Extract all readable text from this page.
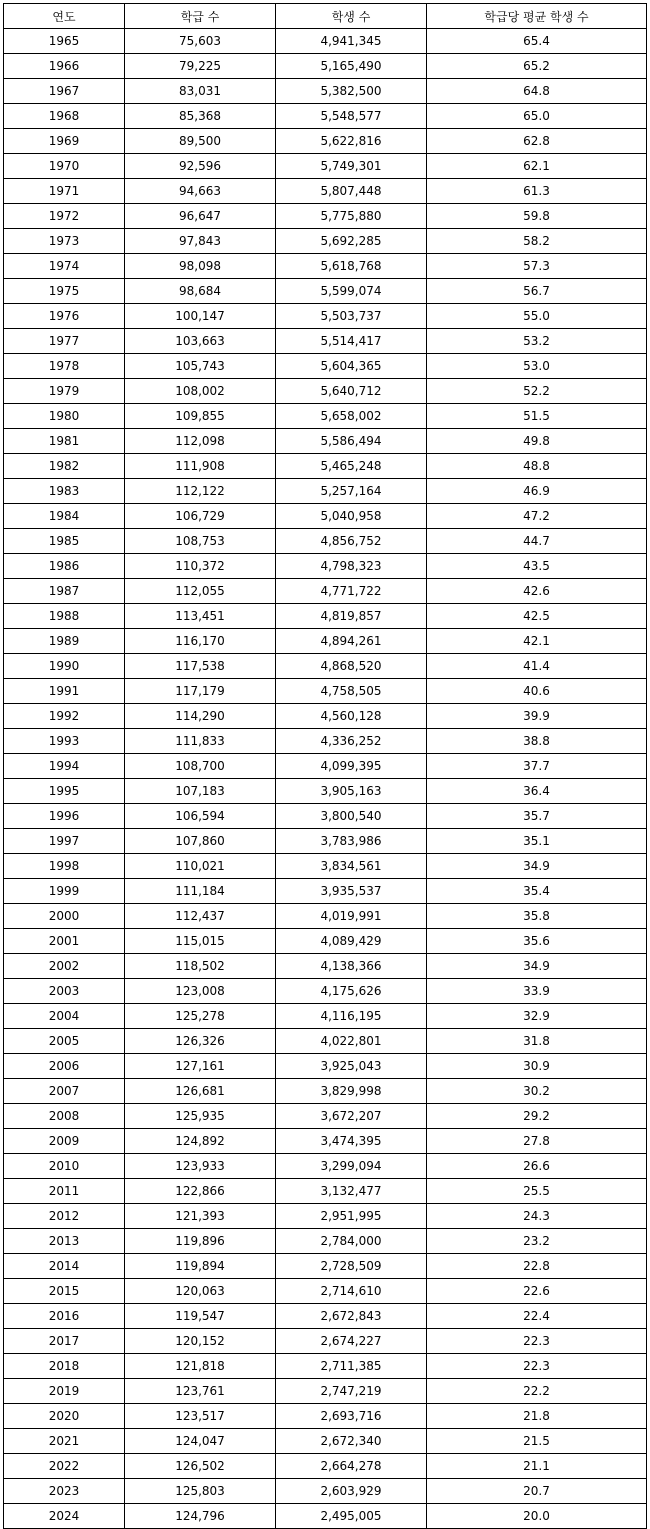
연도	학급 수	학생 수	학급당 평균 학생 수
1965	75,603	4,941,345	65.4
1966	79,225	5,165,490	65.2
1967	83,031	5,382,500	64.8
1968	85,368	5,548,577	65.0
1969	89,500	5,622,816	62.8
1970	92,596	5,749,301	62.1
1971	94,663	5,807,448	61.3
1972	96,647	5,775,880	59.8
1973	97,843	5,692,285	58.2
1974	98,098	5,618,768	57.3
1975	98,684	5,599,074	56.7
1976	100,147	5,503,737	55.0
1977	103,663	5,514,417	53.2
1978	105,743	5,604,365	53.0
1979	108,002	5,640,712	52.2
1980	109,855	5,658,002	51.5
1981	112,098	5,586,494	49.8
1982	111,908	5,465,248	48.8
1983	112,122	5,257,164	46.9
1984	106,729	5,040,958	47.2
1985	108,753	4,856,752	44.7
1986	110,372	4,798,323	43.5
1987	112,055	4,771,722	42.6
1988	113,451	4,819,857	42.5
1989	116,170	4,894,261	42.1
1990	117,538	4,868,520	41.4
1991	117,179	4,758,505	40.6
1992	114,290	4,560,128	39.9
1993	111,833	4,336,252	38.8
1994	108,700	4,099,395	37.7
1995	107,183	3,905,163	36.4
1996	106,594	3,800,540	35.7
1997	107,860	3,783,986	35.1
1998	110,021	3,834,561	34.9
1999	111,184	3,935,537	35.4
2000	112,437	4,019,991	35.8
2001	115,015	4,089,429	35.6
2002	118,502	4,138,366	34.9
2003	123,008	4,175,626	33.9
2004	125,278	4,116,195	32.9
2005	126,326	4,022,801	31.8
2006	127,161	3,925,043	30.9
2007	126,681	3,829,998	30.2
2008	125,935	3,672,207	29.2
2009	124,892	3,474,395	27.8
2010	123,933	3,299,094	26.6
2011	122,866	3,132,477	25.5
2012	121,393	2,951,995	24.3
2013	119,896	2,784,000	23.2
2014	119,894	2,728,509	22.8
2015	120,063	2,714,610	22.6
2016	119,547	2,672,843	22.4
2017	120,152	2,674,227	22.3
2018	121,818	2,711,385	22.3
2019	123,761	2,747,219	22.2
2020	123,517	2,693,716	21.8
2021	124,047	2,672,340	21.5
2022	126,502	2,664,278	21.1
2023	125,803	2,603,929	20.7
2024	124,796	2,495,005	20.0
